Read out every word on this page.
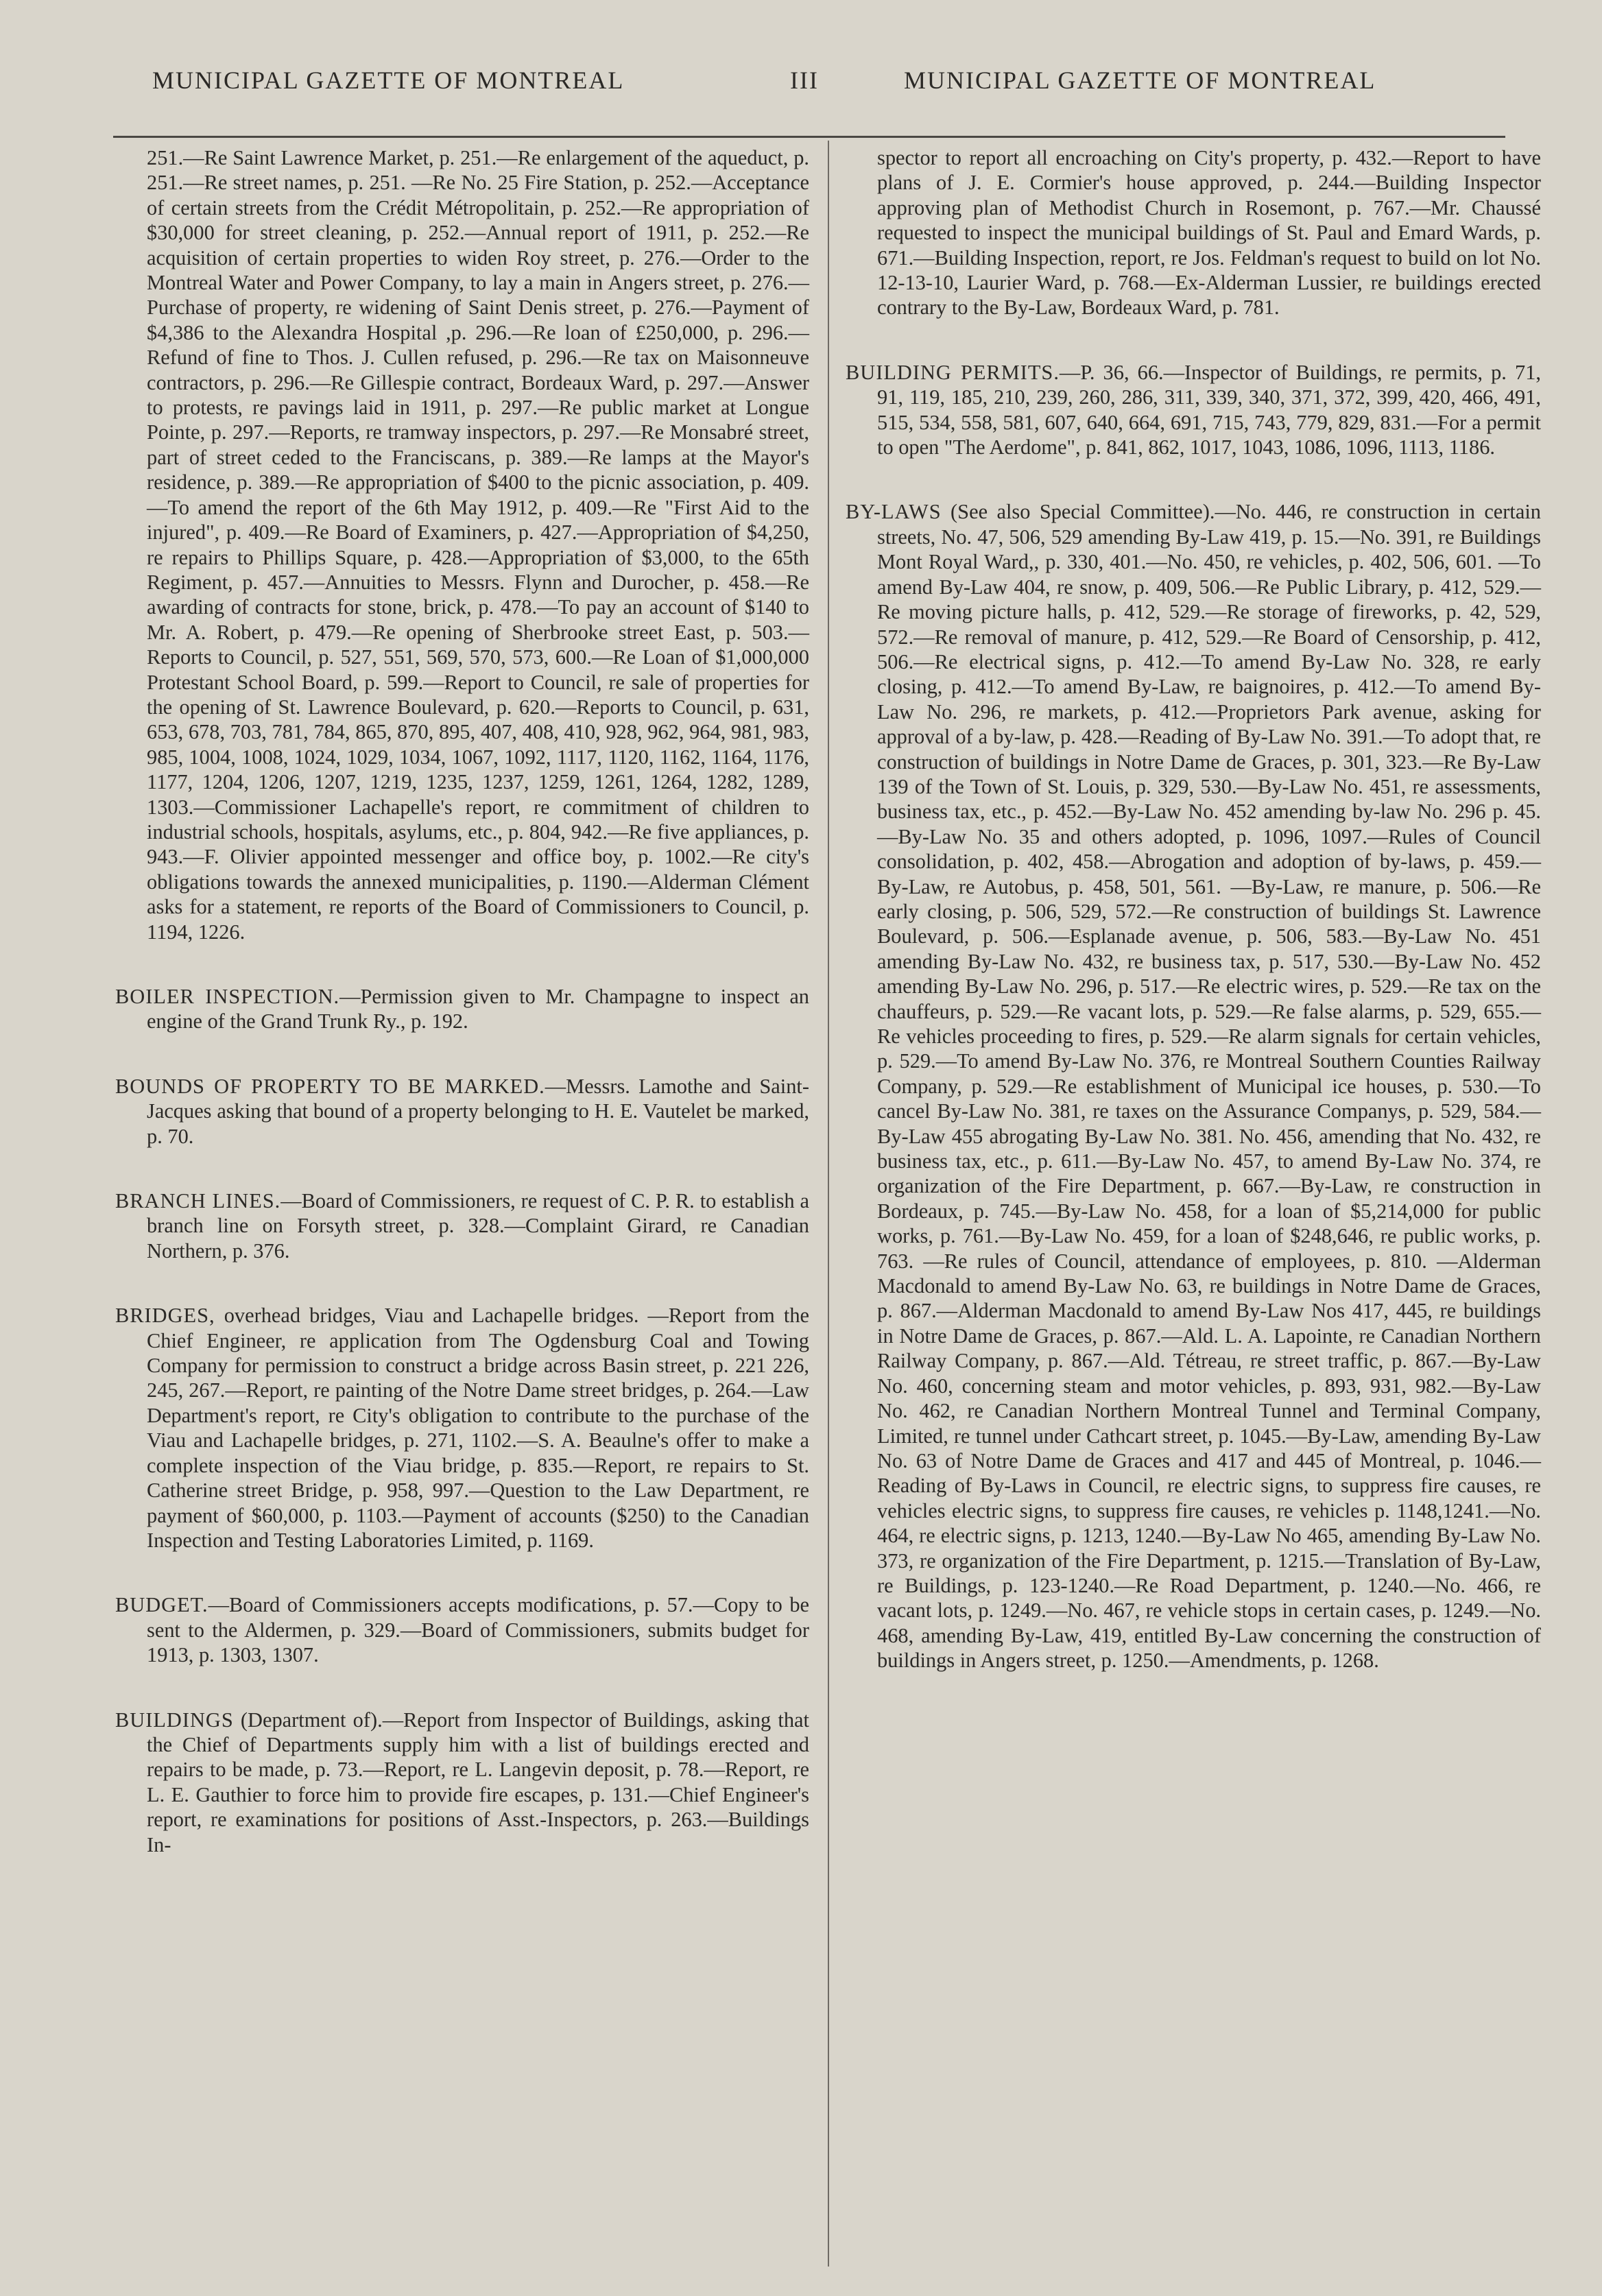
MUNICIPAL GAZETTE OF MONTREAL	III	MUNICIPAL GAZETTE OF MONTREAL

251.—Re Saint Lawrence Market, p. 251.—Re enlargement of the aqueduct, p. 251.—Re street names, p. 251. —Re No. 25 Fire Station, p. 252.—Acceptance of certain streets from the Crédit Métropolitain, p. 252.—Re appropriation of $30,000 for street cleaning, p. 252.—Annual report of 1911, p. 252.—Re acquisition of certain properties to widen Roy street, p. 276.—Order to the Montreal Water and Power Company, to lay a main in Angers street, p. 276.—Purchase of property, re widening of Saint Denis street, p. 276.—Payment of $4,386 to the Alexandra Hospital ,p. 296.—Re loan of £250,000, p. 296.—Refund of fine to Thos. J. Cullen refused, p. 296.—Re tax on Maisonneuve contractors, p. 296.—Re Gillespie contract, Bordeaux Ward, p. 297.—Answer to protests, re pavings laid in 1911, p. 297.—Re public market at Longue Pointe, p. 297.—Reports, re tramway inspectors, p. 297.—Re Monsabré street, part of street ceded to the Franciscans, p. 389.—Re lamps at the Mayor's residence, p. 389.—Re appropriation of $400 to the picnic association, p. 409.—To amend the report of the 6th May 1912, p. 409.—Re "First Aid to the injured", p. 409.—Re Board of Examiners, p. 427.—Appropriation of $4,250, re repairs to Phillips Square, p. 428.—Appropriation of $3,000, to the 65th Regiment, p. 457.—Annuities to Messrs. Flynn and Durocher, p. 458.—Re awarding of contracts for stone, brick, p. 478.—To pay an account of $140 to Mr. A. Robert, p. 479.—Re opening of Sherbrooke street East, p. 503.—Reports to Council, p. 527, 551, 569, 570, 573, 600.—Re Loan of $1,000,000 Protestant School Board, p. 599.—Report to Council, re sale of properties for the opening of St. Lawrence Boulevard, p. 620.—Reports to Council, p. 631, 653, 678, 703, 781, 784, 865, 870, 895, 407, 408, 410, 928, 962, 964, 981, 983, 985, 1004, 1008, 1024, 1029, 1034, 1067, 1092, 1117, 1120, 1162, 1164, 1176, 1177, 1204, 1206, 1207, 1219, 1235, 1237, 1259, 1261, 1264, 1282, 1289, 1303.—Commissioner Lachapelle's report, re commitment of children to industrial schools, hospitals, asylums, etc., p. 804, 942.—Re five appliances, p. 943.—F. Olivier appointed messenger and office boy, p. 1002.—Re city's obligations towards the annexed municipalities, p. 1190.—Alderman Clément asks for a statement, re reports of the Board of Commissioners to Council, p. 1194, 1226.

BOILER INSPECTION.—Permission given to Mr. Champagne to inspect an engine of the Grand Trunk Ry., p. 192.

BOUNDS OF PROPERTY TO BE MARKED.—Messrs. Lamothe and Saint-Jacques asking that bound of a property belonging to H. E. Vautelet be marked, p. 70.

BRANCH LINES.—Board of Commissioners, re request of C. P. R. to establish a branch line on Forsyth street, p. 328.—Complaint Girard, re Canadian Northern, p. 376.

BRIDGES, overhead bridges, Viau and Lachapelle bridges. —Report from the Chief Engineer, re application from The Ogdensburg Coal and Towing Company for permission to construct a bridge across Basin street, p. 221 226, 245, 267.—Report, re painting of the Notre Dame street bridges, p. 264.—Law Department's report, re City's obligation to contribute to the purchase of the Viau and Lachapelle bridges, p. 271, 1102.—S. A. Beaulne's offer to make a complete inspection of the Viau bridge, p. 835.—Report, re repairs to St. Catherine street Bridge, p. 958, 997.—Question to the Law Department, re payment of $60,000, p. 1103.—Payment of accounts ($250) to the Canadian Inspection and Testing Laboratories Limited, p. 1169.

BUDGET.—Board of Commissioners accepts modifications, p. 57.—Copy to be sent to the Aldermen, p. 329.—Board of Commissioners, submits budget for 1913, p. 1303, 1307.

BUILDINGS (Department of).—Report from Inspector of Buildings, asking that the Chief of Departments supply him with a list of buildings erected and repairs to be made, p. 73.—Report, re L. Langevin deposit, p. 78.—Report, re L. E. Gauthier to force him to provide fire escapes, p. 131.—Chief Engineer's report, re examinations for positions of Asst.-Inspectors, p. 263.—Buildings In-

spector to report all encroaching on City's property, p. 432.—Report to have plans of J. E. Cormier's house approved, p. 244.—Building Inspector approving plan of Methodist Church in Rosemont, p. 767.—Mr. Chaussé requested to inspect the municipal buildings of St. Paul and Emard Wards, p. 671.—Building Inspection, report, re Jos. Feldman's request to build on lot No. 12-13-10, Laurier Ward, p. 768.—Ex-Alderman Lussier, re buildings erected contrary to the By-Law, Bordeaux Ward, p. 781.

BUILDING PERMITS.—P. 36, 66.—Inspector of Buildings, re permits, p. 71, 91, 119, 185, 210, 239, 260, 286, 311, 339, 340, 371, 372, 399, 420, 466, 491, 515, 534, 558, 581, 607, 640, 664, 691, 715, 743, 779, 829, 831.—For a permit to open "The Aerdome", p. 841, 862, 1017, 1043, 1086, 1096, 1113, 1186.

BY-LAWS (See also Special Committee).—No. 446, re construction in certain streets, No. 47, 506, 529 amending By-Law 419, p. 15.—No. 391, re Buildings Mont Royal Ward,, p. 330, 401.—No. 450, re vehicles, p. 402, 506, 601. —To amend By-Law 404, re snow, p. 409, 506.—Re Public Library, p. 412, 529.—Re moving picture halls, p. 412, 529.—Re storage of fireworks, p. 42, 529, 572.—Re removal of manure, p. 412, 529.—Re Board of Censorship, p. 412, 506.—Re electrical signs, p. 412.—To amend By-Law No. 328, re early closing, p. 412.—To amend By-Law, re baignoires, p. 412.—To amend By-Law No. 296, re markets, p. 412.—Proprietors Park avenue, asking for approval of a by-law, p. 428.—Reading of By-Law No. 391.—To adopt that, re construction of buildings in Notre Dame de Graces, p. 301, 323.—Re By-Law 139 of the Town of St. Louis, p. 329, 530.—By-Law No. 451, re assessments, business tax, etc., p. 452.—By-Law No. 452 amending by-law No. 296 p. 45.—By-Law No. 35 and others adopted, p. 1096, 1097.—Rules of Council consolidation, p. 402, 458.—Abrogation and adoption of by-laws, p. 459.—By-Law, re Autobus, p. 458, 501, 561. —By-Law, re manure, p. 506.—Re early closing, p. 506, 529, 572.—Re construction of buildings St. Lawrence Boulevard, p. 506.—Esplanade avenue, p. 506, 583.—By-Law No. 451 amending By-Law No. 432, re business tax, p. 517, 530.—By-Law No. 452 amending By-Law No. 296, p. 517.—Re electric wires, p. 529.—Re tax on the chauffeurs, p. 529.—Re vacant lots, p. 529.—Re false alarms, p. 529, 655.—Re vehicles proceeding to fires, p. 529.—Re alarm signals for certain vehicles, p. 529.—To amend By-Law No. 376, re Montreal Southern Counties Railway Company, p. 529.—Re establishment of Municipal ice houses, p. 530.—To cancel By-Law No. 381, re taxes on the Assurance Companys, p. 529, 584.—By-Law 455 abrogating By-Law No. 381. No. 456, amending that No. 432, re business tax, etc., p. 611.—By-Law No. 457, to amend By-Law No. 374, re organization of the Fire Department, p. 667.—By-Law, re construction in Bordeaux, p. 745.—By-Law No. 458, for a loan of $5,214,000 for public works, p. 761.—By-Law No. 459, for a loan of $248,646, re public works, p. 763. —Re rules of Council, attendance of employees, p. 810. —Alderman Macdonald to amend By-Law No. 63, re buildings in Notre Dame de Graces, p. 867.—Alderman Macdonald to amend By-Law Nos 417, 445, re buildings in Notre Dame de Graces, p. 867.—Ald. L. A. Lapointe, re Canadian Northern Railway Company, p. 867.—Ald. Tétreau, re street traffic, p. 867.—By-Law No. 460, concerning steam and motor vehicles, p. 893, 931, 982.—By-Law No. 462, re Canadian Northern Montreal Tunnel and Terminal Company, Limited, re tunnel under Cathcart street, p. 1045.—By-Law, amending By-Law No. 63 of Notre Dame de Graces and 417 and 445 of Montreal, p. 1046.—Reading of By-Laws in Council, re electric signs, to suppress fire causes, re vehicles electric signs, to suppress fire causes, re vehicles p. 1148,1241.—No. 464, re electric signs, p. 1213, 1240.—By-Law No 465, amending By-Law No. 373, re organization of the Fire Department, p. 1215.—Translation of By-Law, re Buildings, p. 123-1240.—Re Road Department, p. 1240.—No. 466, re vacant lots, p. 1249.—No. 467, re vehicle stops in certain cases, p. 1249.—No. 468, amending By-Law, 419, entitled By-Law concerning the construction of buildings in Angers street, p. 1250.—Amendments, p. 1268.
